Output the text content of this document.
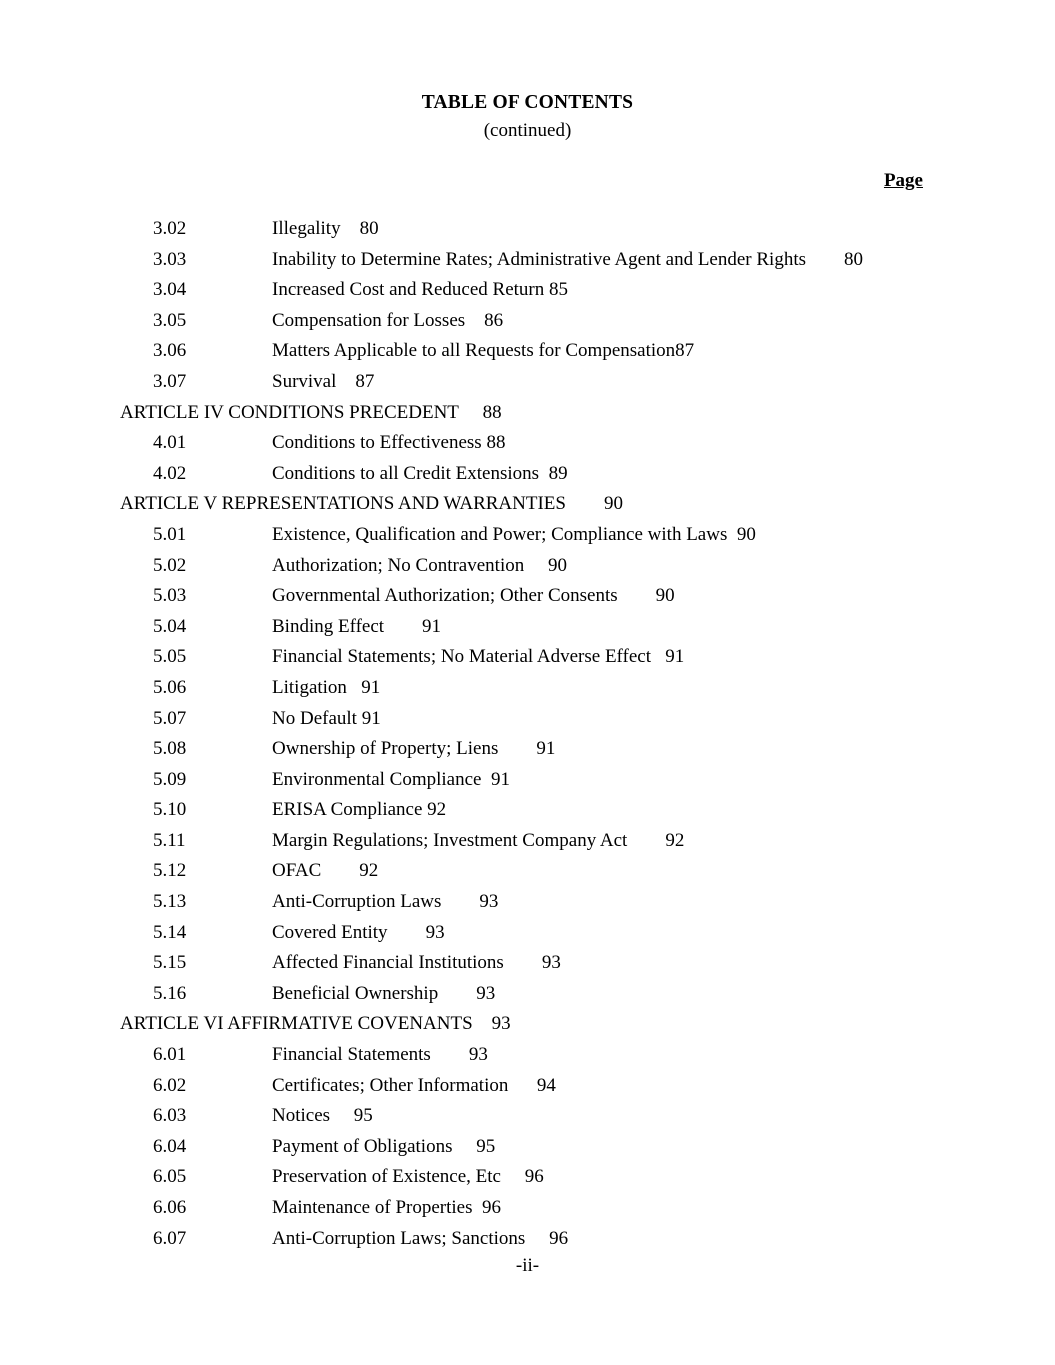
TABLE OF CONTENTS
(continued)
Page
3.02	Illegality 80
3.03	Inability to Determine Rates; Administrative Agent and Lender Rights 80
3.04	Increased Cost and Reduced Return 85
3.05	Compensation for Losses 86
3.06	Matters Applicable to all Requests for Compensation 87
3.07	Survival 87
ARTICLE IV CONDITIONS PRECEDENT 88
4.01	Conditions to Effectiveness 88
4.02	Conditions to all Credit Extensions 89
ARTICLE V REPRESENTATIONS AND WARRANTIES 90
5.01	Existence, Qualification and Power; Compliance with Laws 90
5.02	Authorization; No Contravention 90
5.03	Governmental Authorization; Other Consents 90
5.04	Binding Effect 91
5.05	Financial Statements; No Material Adverse Effect 91
5.06	Litigation 91
5.07	No Default 91
5.08	Ownership of Property; Liens 91
5.09	Environmental Compliance 91
5.10	ERISA Compliance 92
5.11	Margin Regulations; Investment Company Act 92
5.12	OFAC 92
5.13	Anti-Corruption Laws 93
5.14	Covered Entity 93
5.15	Affected Financial Institutions 93
5.16	Beneficial Ownership 93
ARTICLE VI AFFIRMATIVE COVENANTS 93
6.01	Financial Statements 93
6.02	Certificates; Other Information 94
6.03	Notices 95
6.04	Payment of Obligations 95
6.05	Preservation of Existence, Etc 96
6.06	Maintenance of Properties 96
6.07	Anti-Corruption Laws; Sanctions 96
-ii-
